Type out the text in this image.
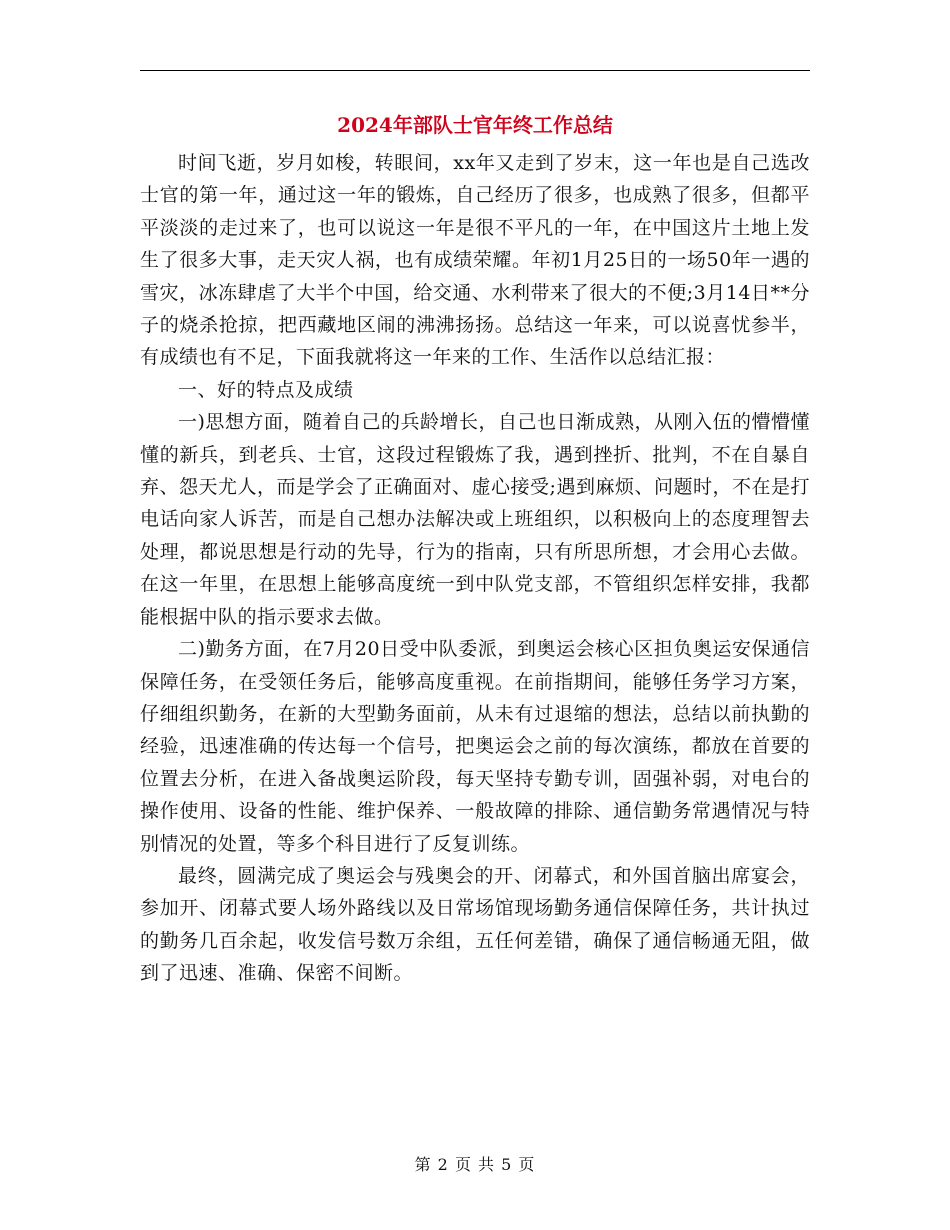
2024年部队士官年终工作总结

时间飞逝，岁月如梭，转眼间，xx年又走到了岁末，这一年也是自己选改士官的第一年，通过这一年的锻炼，自己经历了很多，也成熟了很多，但都平平淡淡的走过来了，也可以说这一年是很不平凡的一年，在中国这片土地上发生了很多大事，走天灾人祸，也有成绩荣耀。年初1月25日的一场50年一遇的雪灾，冰冻肆虐了大半个中国，给交通、水利带来了很大的不便;3月14日**分子的烧杀抢掠，把西藏地区闹的沸沸扬扬。总结这一年来，可以说喜忧参半，有成绩也有不足，下面我就将这一年来的工作、生活作以总结汇报：

一、好的特点及成绩

一)思想方面，随着自己的兵龄增长，自己也日渐成熟，从刚入伍的懵懵懂懂的新兵，到老兵、士官，这段过程锻炼了我，遇到挫折、批判，不在自暴自弃、怨天尤人，而是学会了正确面对、虚心接受;遇到麻烦、问题时，不在是打电话向家人诉苦，而是自己想办法解决或上班组织，以积极向上的态度理智去处理，都说思想是行动的先导，行为的指南，只有所思所想，才会用心去做。在这一年里，在思想上能够高度统一到中队党支部，不管组织怎样安排，我都能根据中队的指示要求去做。

二)勤务方面，在7月20日受中队委派，到奥运会核心区担负奥运安保通信保障任务，在受领任务后，能够高度重视。在前指期间，能够任务学习方案，仔细组织勤务，在新的大型勤务面前，从未有过退缩的想法，总结以前执勤的经验，迅速准确的传达每一个信号，把奥运会之前的每次演练，都放在首要的位置去分析，在进入备战奥运阶段，每天坚持专勤专训，固强补弱，对电台的操作使用、设备的性能、维护保养、一般故障的排除、通信勤务常遇情况与特别情况的处置，等多个科目进行了反复训练。

最终，圆满完成了奥运会与残奥会的开、闭幕式，和外国首脑出席宴会，参加开、闭幕式要人场外路线以及日常场馆现场勤务通信保障任务，共计执过的勤务几百余起，收发信号数万余组，五任何差错，确保了通信畅通无阻，做到了迅速、准确、保密不间断。

第 2 页 共 5 页
